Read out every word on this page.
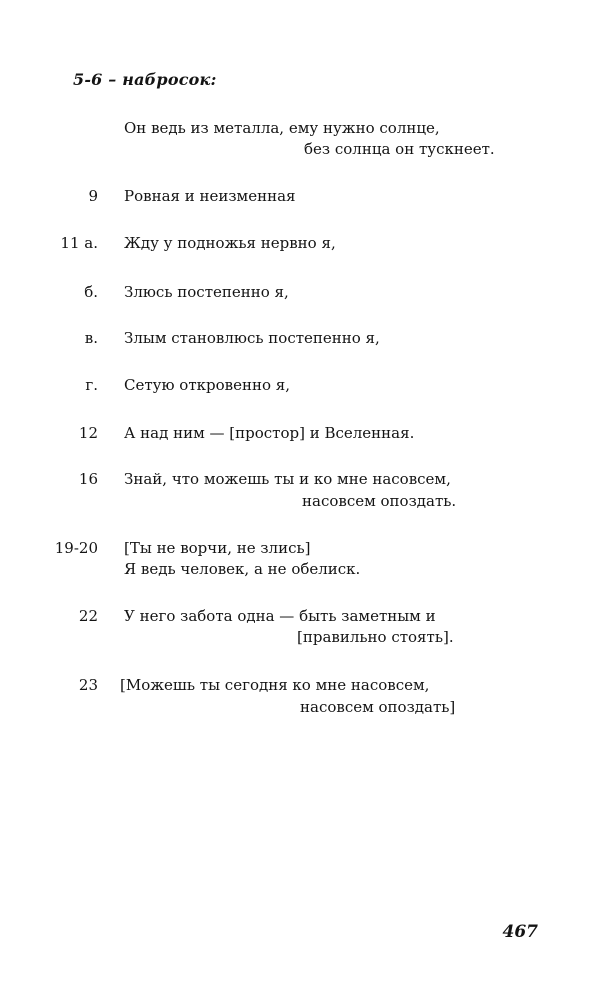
5-6 – набросок:
Он ведь из металла, ему нужно солнце,
без солнца он тускнеет.
9 Ровная и неизменная
11 а. Жду у подножья нервно я,
б. Злюсь постепенно я,
в. Злым становлюсь постепенно я,
г. Сетую откровенно я,
12 А над ним — [простор] и Вселенная.
16 Знай, что можешь ты и ко мне насовсем,
насовсем опоздать.
19-20 [Ты не ворчи, не злись]
Я ведь человек, а не обелиск.
22 У него забота одна — быть заметным и
[правильно стоять].
23 [Можешь ты сегодня ко мне насовсем,
насовсем опоздать]
467
